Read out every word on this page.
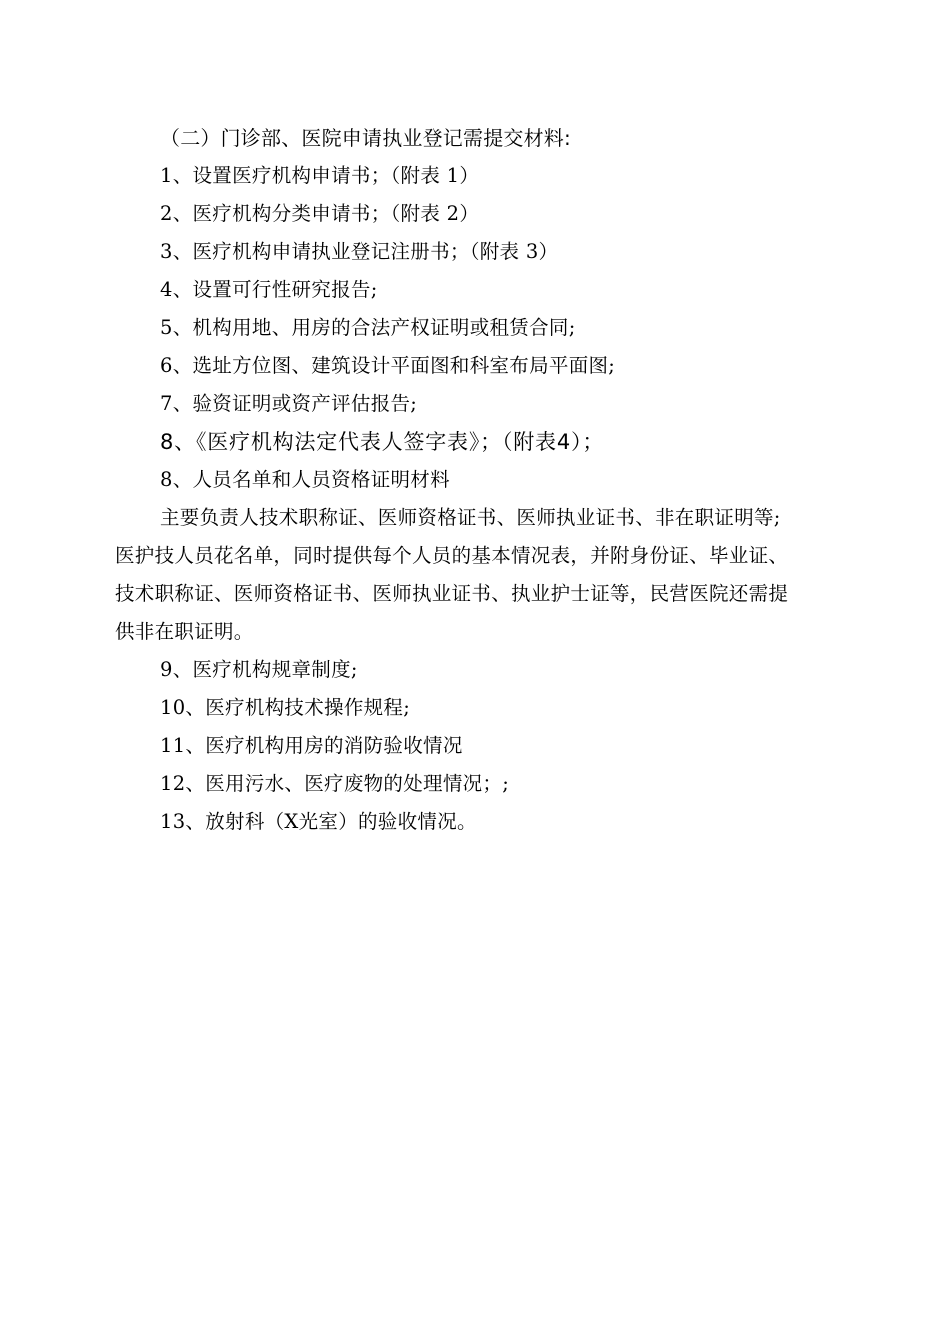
（二）门诊部、医院申请执业登记需提交材料:
1、设置医疗机构申请书；（附表 1）
2、医疗机构分类申请书；（附表 2）
3、医疗机构申请执业登记注册书；（附表 3）
4、设置可行性研究报告;
5、机构用地、用房的合法产权证明或租赁合同;
6、选址方位图、建筑设计平面图和科室布局平面图;
7、验资证明或资产评估报告;
8、《医疗机构法定代表人签字表》；（附表4）；
8、人员名单和人员资格证明材料
主要负责人技术职称证、医师资格证书、医师执业证书、非在职证明等;
医护技人员花名单，同时提供每个人员的基本情况表，并附身份证、毕业证、
技术职称证、医师资格证书、医师执业证书、执业护士证等，民营医院还需提
供非在职证明。
9、医疗机构规章制度;
10、医疗机构技术操作规程;
11、医疗机构用房的消防验收情况
12、医用污水、医疗废物的处理情况；;
13、放射科（X光室）的验收情况。
